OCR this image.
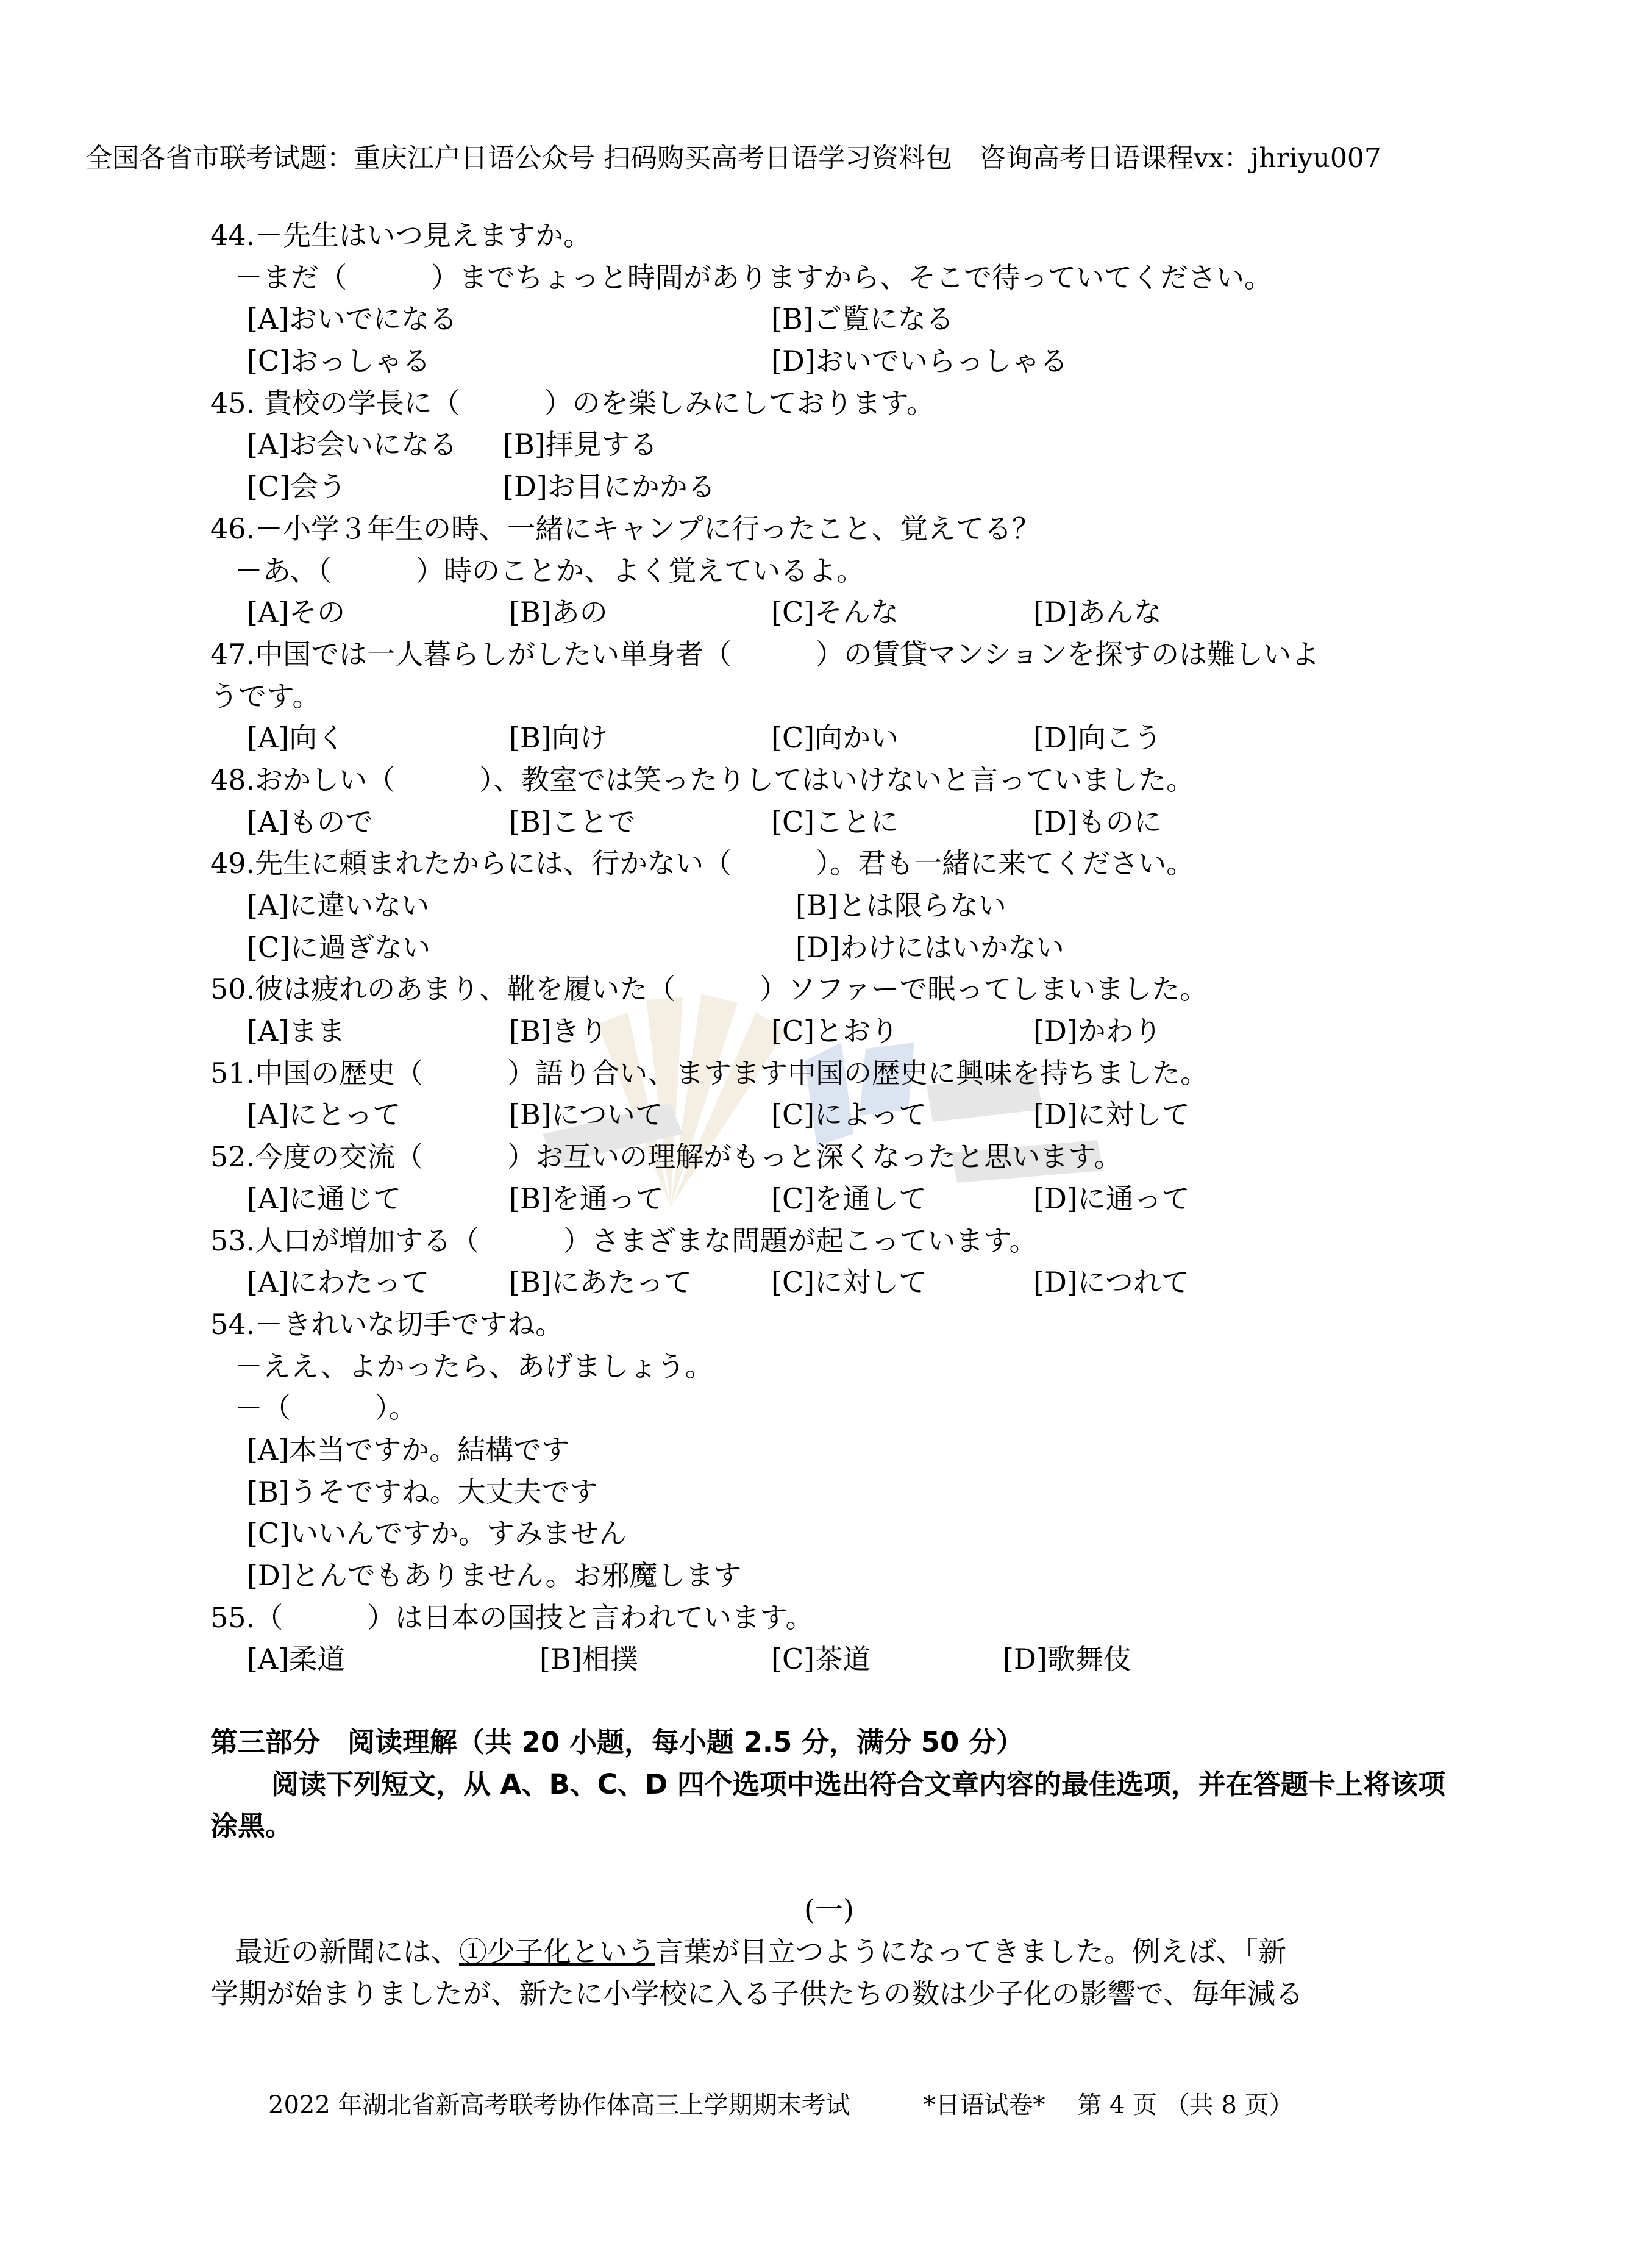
全国各省市联考试题：重庆江户日语公众号 扫码购买高考日语学习资料包　咨询高考日语课程vx：jhriyu007
44.－先生はいつ見えますか。
－まだ（　　　）までちょっと時間がありますから、そこで待っていてください。
[A]おいでになる	[B]ご覧になる
[C]おっしゃる	[D]おいでいらっしゃる
45. 貴校の学長に（　　　）のを楽しみにしております。
[A]お会いになる [B]拝見する
[C]会う	[D]お目にかかる
46.－小学３年生の時、一緒にキャンプに行ったこと、覚えてる？
－あ、（　　　）時のことか、よく覚えているよ。
[A]その	[B]あの	[C]そんな	[D]あんな
47.中国では一人暮らしがしたい単身者（　　　）の賃貸マンションを探すのは難しいよ
うです。
[A]向く	[B]向け	[C]向かい	[D]向こう
48.おかしい（　　　）、教室では笑ったりしてはいけないと言っていました。
[A]もので	[B]ことで	[C]ことに	[D]ものに
49.先生に頼まれたからには、行かない（　　　）。君も一緒に来てください。
[A]に違いない	[B]とは限らない
[C]に過ぎない	[D]わけにはいかない
50.彼は疲れのあまり、靴を履いた（　　　）ソファーで眠ってしまいました。
[A]まま	[B]きり	[C]とおり	[D]かわり
51.中国の歴史（　　　）語り合い、ますます中国の歴史に興味を持ちました。
[A]にとって	[B]について	[C]によって	[D]に対して
52.今度の交流（　　　）お互いの理解がもっと深くなったと思います。
[A]に通じて	[B]を通って	[C]を通して	[D]に通って
53.人口が増加する（　　　）さまざまな問題が起こっています。
[A]にわたって	[B]にあたって	[C]に対して	[D]につれて
54.－きれいな切手ですね。
－ええ、よかったら、あげましょう。
－（　　　）。
[A]本当ですか。結構です
[B]うそですね。大丈夫です
[C]いいんですか。すみません
[D]とんでもありません。お邪魔します
55.（　　　）は日本の国技と言われています。
[A]柔道	[B]相撲	[C]茶道	[D]歌舞伎
第三部分　阅读理解（共 20 小题，每小题 2.5 分，满分 50 分）
阅读下列短文，从 A、B、C、D 四个选项中选出符合文章内容的最佳选项，并在答题卡上将该项涂黑。
(一)
最近の新聞には、①少子化という言葉が目立つようになってきました。例えば、「新
学期が始まりましたが、新たに小学校に入る子供たちの数は少子化の影響で、毎年減る
2022 年湖北省新高考联考协作体高三上学期期末考试　　　*日语试卷*　 第 4 页 （共 8 页）
